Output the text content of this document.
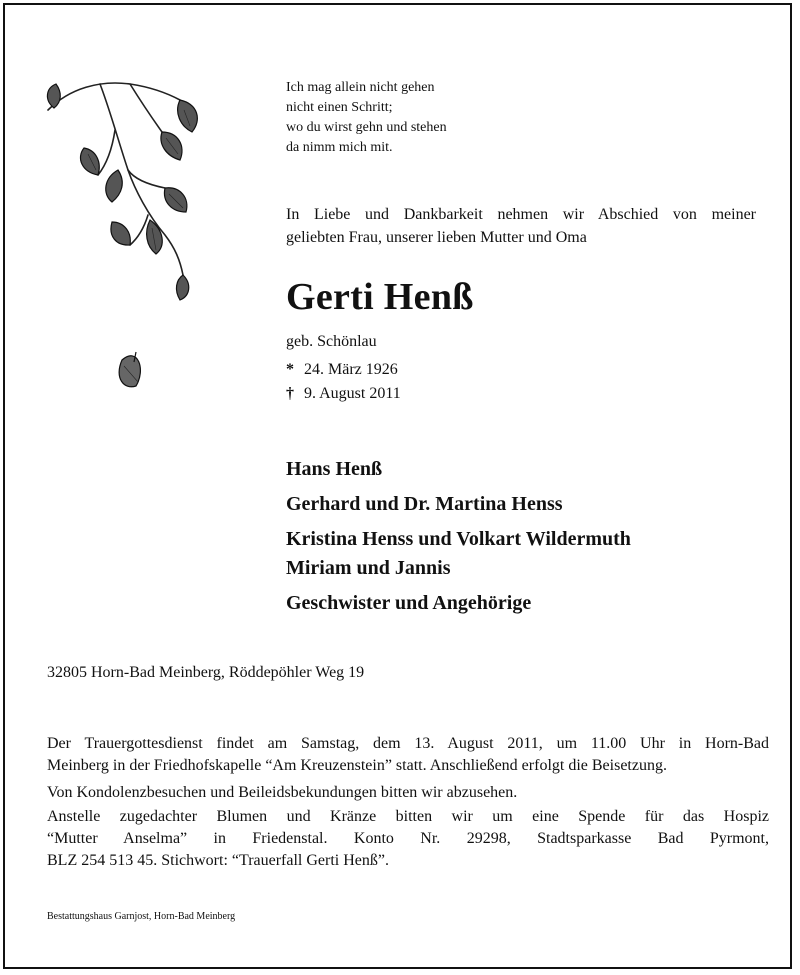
Ich mag allein nicht gehen
nicht einen Schritt;
wo du wirst gehn und stehen
da nimm mich mit.
In Liebe und Dankbarkeit nehmen wir Abschied von meiner
geliebten Frau, unserer lieben Mutter und Oma
Gerti Henß
geb. Schönlau
* 24. März 1926
† 9. August 2011
Hans Henß
Gerhard und Dr. Martina Henss
Kristina Henss und Volkart Wildermuth
Miriam und Jannis
Geschwister und Angehörige
32805 Horn-Bad Meinberg, Röddepöhler Weg 19
Der Trauergottesdienst findet am Samstag, dem 13. August 2011, um 11.00 Uhr in Horn-Bad
Meinberg in der Friedhofskapelle “Am Kreuzenstein” statt. Anschließend erfolgt die Beisetzung.
Von Kondolenzbesuchen und Beileidsbekundungen bitten wir abzusehen.
Anstelle zugedachter Blumen und Kränze bitten wir um eine Spende für das Hospiz
“Mutter Anselma” in Friedenstal. Konto Nr. 29298, Stadtsparkasse Bad Pyrmont,
BLZ 254 513 45. Stichwort: “Trauerfall Gerti Henß”.
Bestattungshaus Garnjost, Horn-Bad Meinberg
